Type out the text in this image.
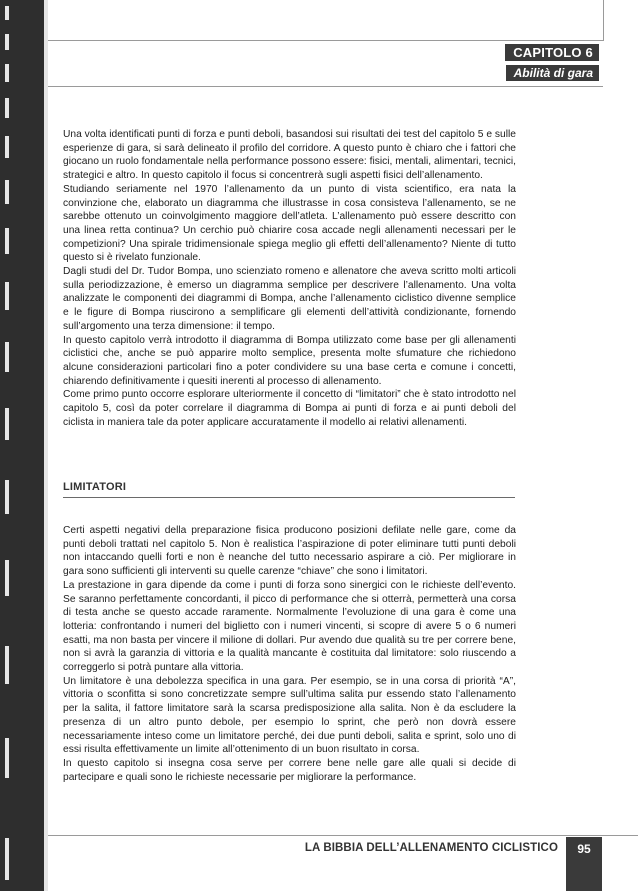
CAPITOLO 6
Abilità di gara

Una volta identificati punti di forza e punti deboli, basandosi sui risultati dei test del capitolo 5 e sulle esperienze di gara, si sarà delineato il profilo del corridore. A questo punto è chiaro che i fattori che giocano un ruolo fondamentale nella performance possono essere: fisici, mentali, alimentari, tecnici, strategici e altro. In questo capitolo il focus si concentrerà sugli aspetti fisici dell’allenamento.

Studiando seriamente nel 1970 l’allenamento da un punto di vista scientifico, era nata la convinzione che, elaborato un diagramma che illustrasse in cosa consisteva l’allenamento, se ne sarebbe ottenuto un coinvolgimento maggiore dell’atleta. L’allenamento può essere descritto con una linea retta continua? Un cerchio può chiarire cosa accade negli allenamenti necessari per le competizioni? Una spirale tridimensionale spiega meglio gli effetti dell’allenamento? Niente di tutto questo si è rivelato funzionale.

Dagli studi del Dr. Tudor Bompa, uno scienziato romeno e allenatore che aveva scritto molti articoli sulla periodizzazione, è emerso un diagramma semplice per descrivere l’allenamento. Una volta analizzate le componenti dei diagrammi di Bompa, anche l’allenamento ciclistico divenne semplice e le figure di Bompa riuscirono a semplificare gli elementi dell’attività condizionante, fornendo sull’argomento una terza dimensione: il tempo.

In questo capitolo verrà introdotto il diagramma di Bompa utilizzato come base per gli allenamenti ciclistici che, anche se può apparire molto semplice, presenta molte sfumature che richiedono alcune considerazioni particolari fino a poter condividere su una base certa e comune i concetti, chiarendo definitivamente i quesiti inerenti al processo di allenamento.

Come primo punto occorre esplorare ulteriormente il concetto di “limitatori” che è stato introdotto nel capitolo 5, così da poter correlare il diagramma di Bompa ai punti di forza e ai punti deboli del ciclista in maniera tale da poter applicare accuratamente il modello ai relativi allenamenti.

LIMITATORI

Certi aspetti negativi della preparazione fisica producono posizioni defilate nelle gare, come da punti deboli trattati nel capitolo 5. Non è realistica l’aspirazione di poter eliminare tutti punti deboli non intaccando quelli forti e non è neanche del tutto necessario aspirare a ciò. Per migliorare in gara sono sufficienti gli interventi su quelle carenze “chiave” che sono i limitatori.

La prestazione in gara dipende da come i punti di forza sono sinergici con le richieste dell’evento. Se saranno perfettamente concordanti, il picco di performance che si otterrà, permetterà una corsa di testa anche se questo accade raramente. Normalmente l’evoluzione di una gara è come una lotteria: confrontando i numeri del biglietto con i numeri vincenti, si scopre di avere 5 o 6 numeri esatti, ma non basta per vincere il milione di dollari. Pur avendo due qualità su tre per correre bene, non si avrà la garanzia di vittoria e la qualità mancante è costituita dal limitatore: solo riuscendo a correggerlo si potrà puntare alla vittoria.

Un limitatore è una debolezza specifica in una gara. Per esempio, se in una corsa di priorità “A”, vittoria o sconfitta si sono concretizzate sempre sull’ultima salita pur essendo stato l’allenamento per la salita, il fattore limitatore sarà la scarsa predisposizione alla salita. Non è da escludere la presenza di un altro punto debole, per esempio lo sprint, che però non dovrà essere necessariamente inteso come un limitatore perché, dei due punti deboli, salita e sprint, solo uno di essi risulta effettivamente un limite all’ottenimento di un buon risultato in corsa.

In questo capitolo si insegna cosa serve per correre bene nelle gare alle quali si decide di partecipare e quali sono le richieste necessarie per migliorare la performance.

LA BIBBIA DELL’ALLENAMENTO CICLISTICO	95
